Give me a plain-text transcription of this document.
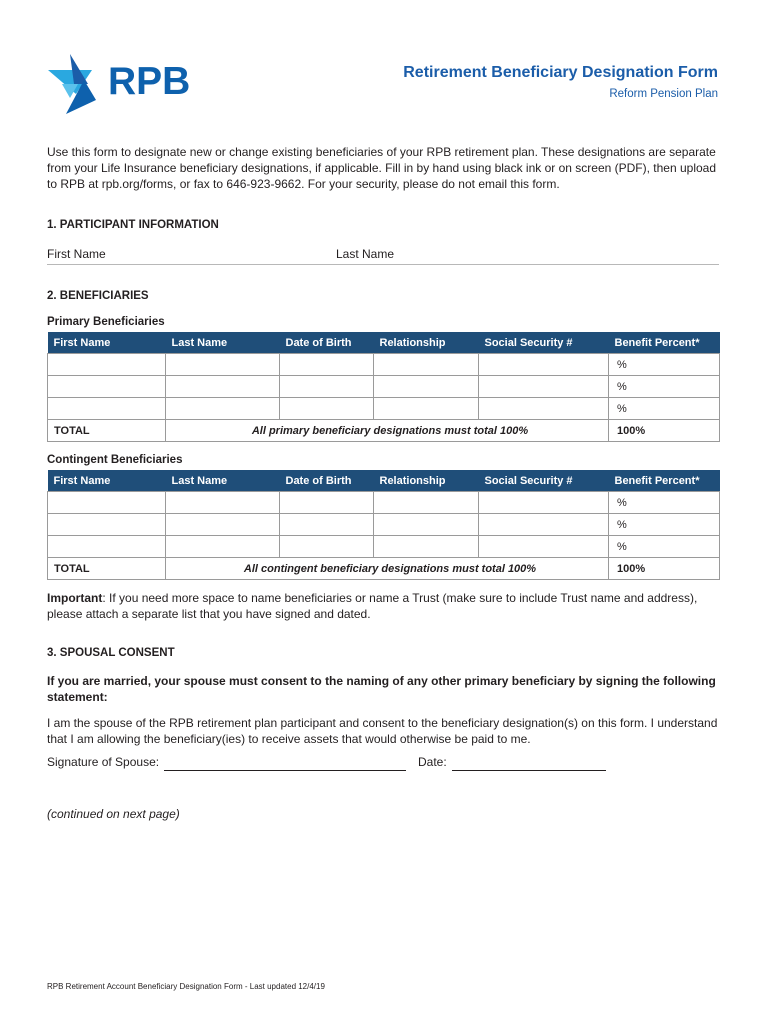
RPB	Retirement Beneficiary Designation Form
Reform Pension Plan
Use this form to designate new or change existing beneficiaries of your RPB retirement plan. These designations are separate from your Life Insurance beneficiary designations, if applicable. Fill in by hand using black ink or on screen (PDF), then upload to RPB at rpb.org/forms, or fax to 646-923-9662. For your security, please do not email this form.
1. PARTICIPANT INFORMATION
First Name	Last Name
2. BENEFICIARIES
Primary Beneficiaries
First Name	Last Name	Date of Birth	Relationship	Social Security #	Benefit Percent*
					%
					%
					%
TOTAL	All primary beneficiary designations must total 100%				100%
Contingent Beneficiaries
First Name	Last Name	Date of Birth	Relationship	Social Security #	Benefit Percent*
					%
					%
					%
TOTAL	All contingent beneficiary designations must total 100%				100%
Important: If you need more space to name beneficiaries or name a Trust (make sure to include Trust name and address), please attach a separate list that you have signed and dated.
3. SPOUSAL CONSENT
If you are married, your spouse must consent to the naming of any other primary beneficiary by signing the following statement:
I am the spouse of the RPB retirement plan participant and consent to the beneficiary designation(s) on this form. I understand that I am allowing the beneficiary(ies) to receive assets that would otherwise be paid to me.
Signature of Spouse:	Date:
(continued on next page)
RPB Retirement Account Beneficiary Designation Form - Last updated 12/4/19
